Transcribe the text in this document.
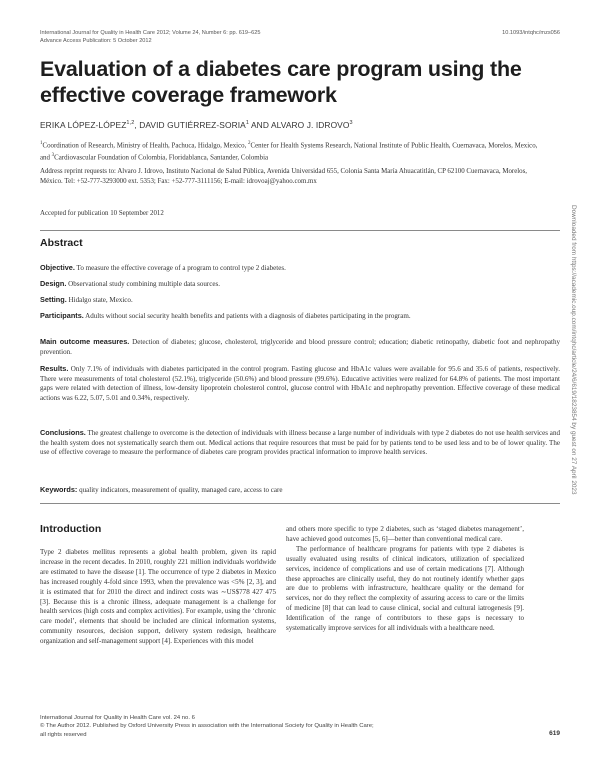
International Journal for Quality in Health Care 2012; Volume 24, Number 6: pp. 619–625
Advance Access Publication: 5 October 2012
10.1093/intqhc/mzs056
Evaluation of a diabetes care program using the effective coverage framework
ERIKA LÓPEZ-LÓPEZ$^{1,2}$, DAVID GUTIÉRREZ-SORIA$^1$ AND ALVARO J. IDROVO$^3$
$^1$Coordination of Research, Ministry of Health, Pachuca, Hidalgo, Mexico, $^2$Center for Health Systems Research, National Institute of Public Health, Cuernavaca, Morelos, Mexico, and $^3$Cardiovascular Foundation of Colombia, Floridablanca, Santander, Colombia
Address reprint requests to: Alvaro J. Idrovo, Instituto Nacional de Salud Pública, Avenida Universidad 655, Colonia Santa María Ahuacatitlán, CP 62100 Cuernavaca, Morelos, México. Tel: +52-777-3293000 ext. 5353; Fax: +52-777-3111156; E-mail: idrovoaj@yahoo.com.mx
Accepted for publication 10 September 2012
Abstract

Objective. To measure the effective coverage of a program to control type 2 diabetes.

Design. Observational study combining multiple data sources.

Setting. Hidalgo state, Mexico.

Participants. Adults without social security health benefits and patients with a diagnosis of diabetes participating in the program.

Main outcome measures. Detection of diabetes; glucose, cholesterol, triglyceride and blood pressure control; education; diabetic retinopathy, diabetic foot and nephropathy prevention.

Results. Only 7.1% of individuals with diabetes participated in the control program. Fasting glucose and HbA1c values were available for 95.6 and 35.6 of patients, respectively. There were measurements of total cholesterol (52.1%), triglyceride (50.6%) and blood pressure (99.6%). Educative activities were realized for 64.8% of patients. The most important gaps were related with detection of illness, low-density lipoprotein cholesterol control, glucose control with HbA1c and nephropathy prevention. Effective coverage of these medical actions was 6.22, 5.07, 5.01 and 0.34%, respectively.

Conclusions. The greatest challenge to overcome is the detection of individuals with illness because a large number of individuals with type 2 diabetes do not use health services and the health system does not systematically search them out. Medical actions that require resources that must be paid for by patients tend to be used less and to be of lower quality. The use of effective coverage to measure the performance of diabetes care program provides practical information to improve health services.

Keywords: quality indicators, measurement of quality, managed care, access to care

Introduction

Type 2 diabetes mellitus represents a global health problem, given its rapid increase in the recent decades. In 2010, roughly 221 million individuals worldwide are estimated to have the disease [1]. The occurrence of type 2 diabetes in Mexico has increased roughly 4-fold since 1993, when the prevalence was <5% [2, 3], and it is estimated that for 2010 the direct and indirect costs was ∼US$778 427 475 [3]. Because this is a chronic illness, adequate management is a challenge for health services (high costs and complex activities). For example, using the ‘chronic care model’, elements that should be included are clinical information systems, community resources, decision support, delivery system redesign, healthcare organization and self-management support [4]. Experiences with this model

and others more specific to type 2 diabetes, such as ‘staged diabetes management’, have achieved good outcomes [5, 6]—better than conventional medical care.

The performance of healthcare programs for patients with type 2 diabetes is usually evaluated using results of clinical indicators, utilization of specialized services, incidence of complications and use of certain medications [7]. Although these approaches are clinically useful, they do not routinely identify whether gaps are due to problems with infrastructure, healthcare quality or the demand for services, nor do they reflect the complexity of assuring access to care or the limits of medicine [8] that can lead to cause clinical, social and cultural iatrogenesis [9]. Identification of the range of contributors to these gaps is necessary to systematically improve services for all individuals with a healthcare need.

International Journal for Quality in Health Care vol. 24 no. 6
© The Author 2012. Published by Oxford University Press in association with the International Society for Quality in Health Care;
all rights reserved	619
Downloaded from https://academic.oup.com/intqhc/article/24/6/619/1823854 by guest on 27 April 2023
